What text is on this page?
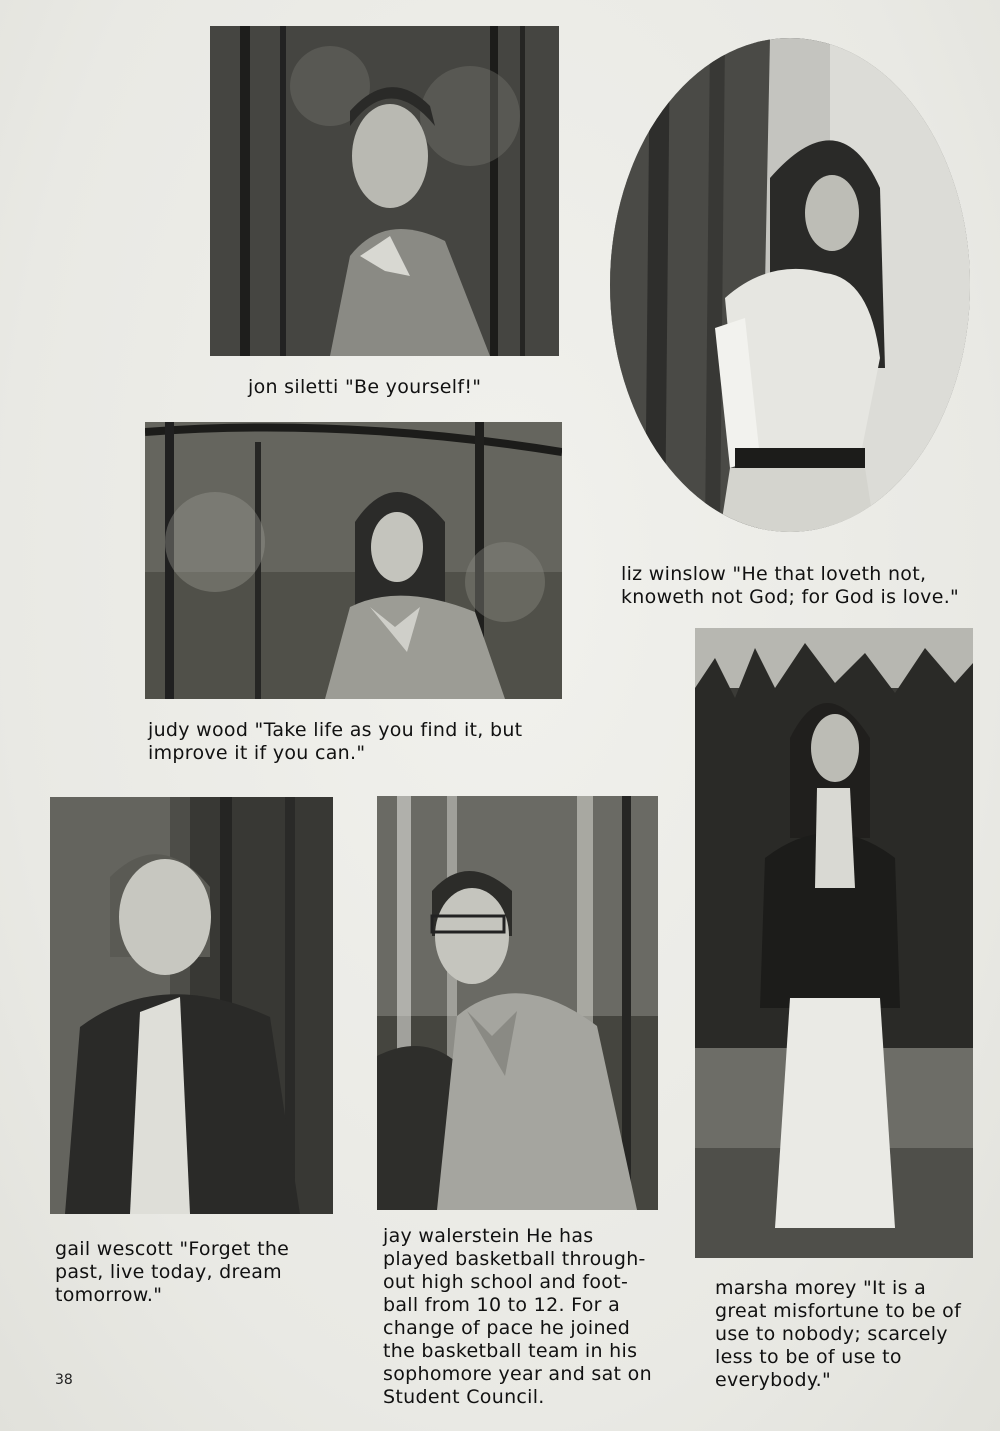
jon siletti "Be yourself!"
liz winslow "He that loveth not,
knoweth not God; for God is love."
judy wood "Take life as you find it, but
improve it if you can."
marsha morey "It is a
great misfortune to be of
use to nobody; scarcely
less to be of use to
everybody."
gail wescott "Forget the
past, live today, dream
tomorrow."
jay walerstein He has
played basketball through-
out high school and foot-
ball from 10 to 12. For a
change of pace he joined
the basketball team in his
sophomore year and sat on
Student Council.
38
